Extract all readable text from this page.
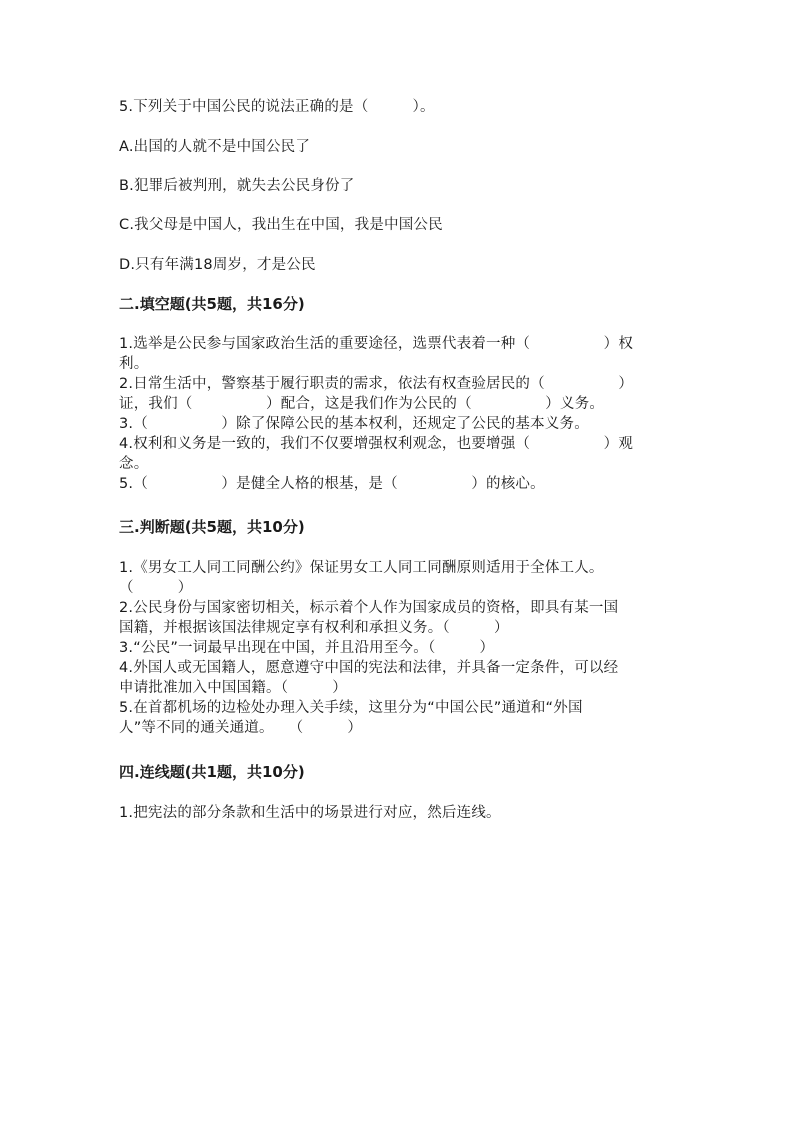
5.下列关于中国公民的说法正确的是（　　　）。
A.出国的人就不是中国公民了
B.犯罪后被判刑，就失去公民身份了
C.我父母是中国人，我出生在中国，我是中国公民
D.只有年满18周岁，才是公民
二.填空题(共5题，共16分)
1.选举是公民参与国家政治生活的重要途径，选票代表着一种（　　　　　）权
利。
2.日常生活中，警察基于履行职责的需求，依法有权查验居民的（　　　　　）
证，我们（　　　　　）配合，这是我们作为公民的（　　　　　）义务。
3.（　　　　　）除了保障公民的基本权利，还规定了公民的基本义务。
4.权利和义务是一致的，我们不仅要增强权利观念，也要增强（　　　　　）观
念。
5.（　　　　　）是健全人格的根基，是（　　　　　）的核心。
三.判断题(共5题，共10分)
1.《男女工人同工同酬公约》保证男女工人同工同酬原则适用于全体工人。
（　　　）
2.公民身份与国家密切相关，标示着个人作为国家成员的资格，即具有某一国
国籍，并根据该国法律规定享有权利和承担义务。（　　　）
3.“公民”一词最早出现在中国，并且沿用至今。（　　　）
4.外国人或无国籍人，愿意遵守中国的宪法和法律，并具备一定条件，可以经
申请批准加入中国国籍。（　　　）
5.在首都机场的边检处办理入关手续，这里分为“中国公民”通道和“外国
人”等不同的通关通道。　　（　　　）
四.连线题(共1题，共10分)
1.把宪法的部分条款和生活中的场景进行对应，然后连线。
